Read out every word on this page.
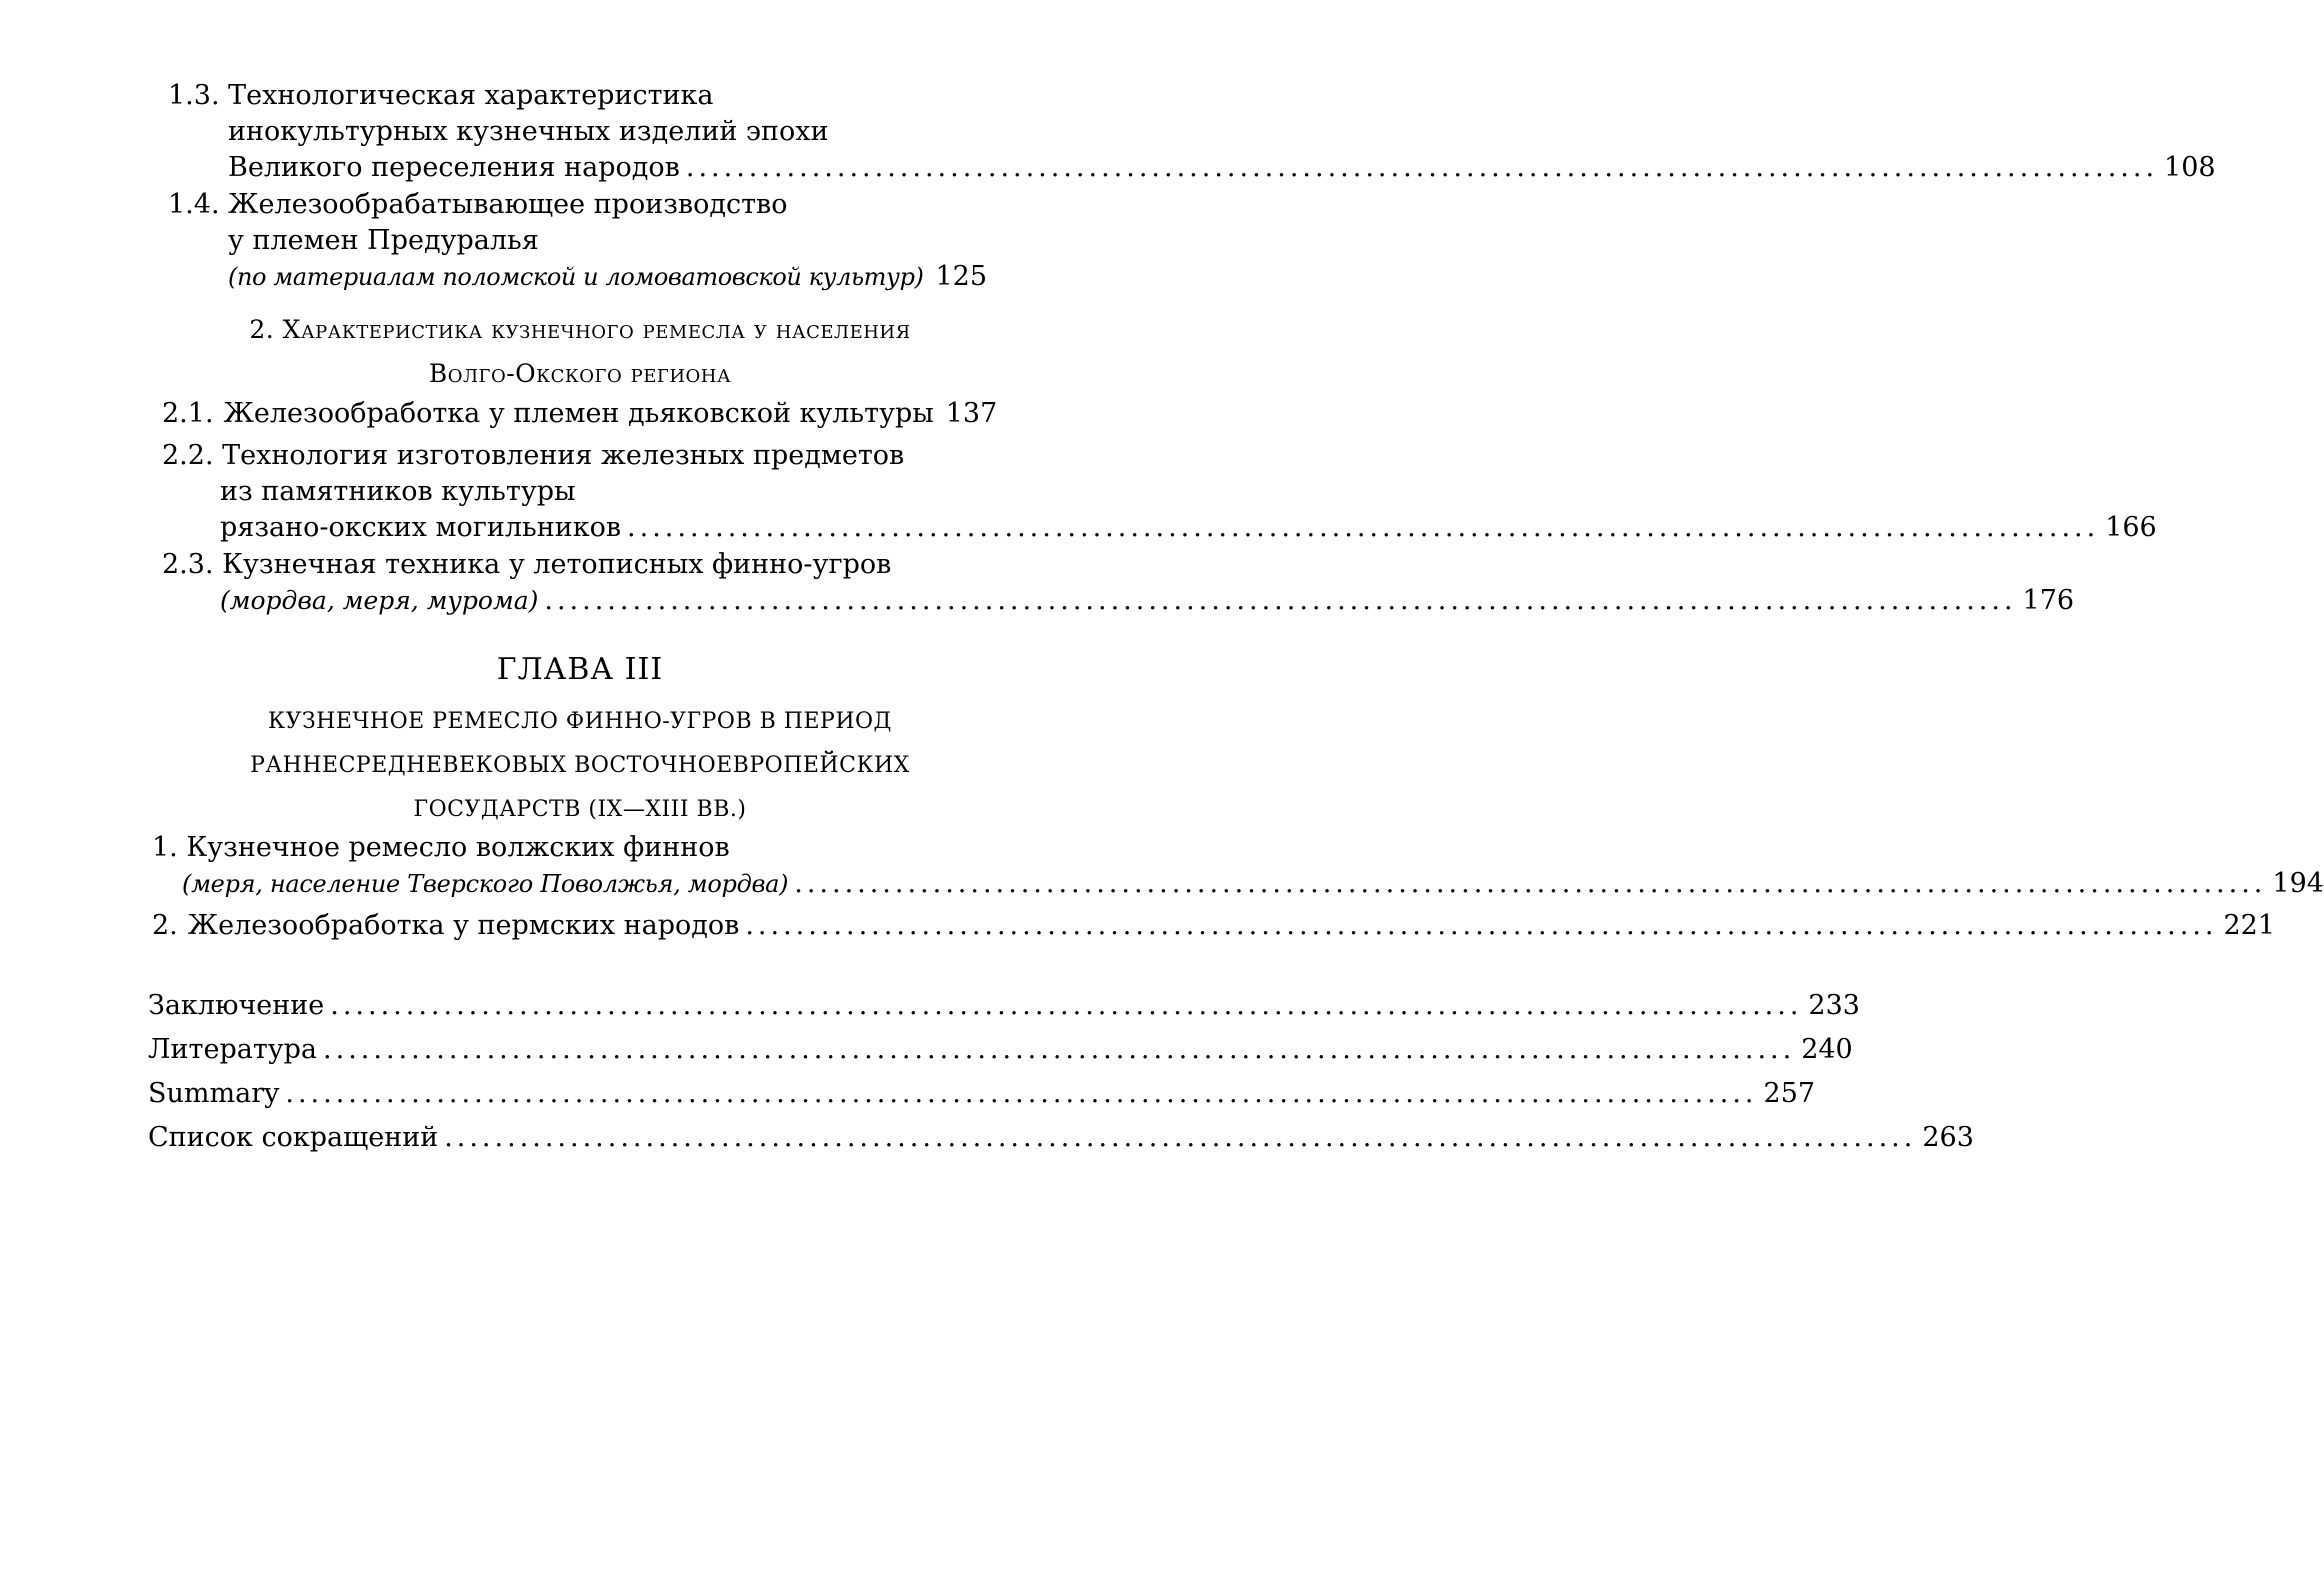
1.3. Технологическая характеристика
инокультурных кузнечных изделий эпохи
Великого переселения народов ..................................................................................................................... 108
1.4. Железообрабатывающее производство
у племен Предуралья
(по материалам поломской и ломоватовской культур) 125
2. Характеристика кузнечного ремесла у населения
Волго-Окского региона
2.1. Железообработка у племен дьяковской культуры 137
2.2. Технология изготовления железных предметов
из памятников культуры
рязано-окских могильников ..................................................................................................................... 166
2.3. Кузнечная техника у летописных финно-угров
(мордва, меря, мурома) ..................................................................................................................... 176
ГЛАВА III
КУЗНЕЧНОЕ РЕМЕСЛО ФИННО-УГРОВ В ПЕРИОД
РАННЕСРЕДНЕВЕКОВЫХ ВОСТОЧНОЕВРОПЕЙСКИХ
ГОСУДАРСТВ (IX—XIII ВВ.)
1. Кузнечное ремесло волжских финнов
(меря, население Тверского Поволжья, мордва) ..................................................................................................................... 194
2. Железообработка у пермских народов ..................................................................................................................... 221
Заключение ..................................................................................................................... 233
Литература ..................................................................................................................... 240
Summary ..................................................................................................................... 257
Список сокращений ..................................................................................................................... 263
